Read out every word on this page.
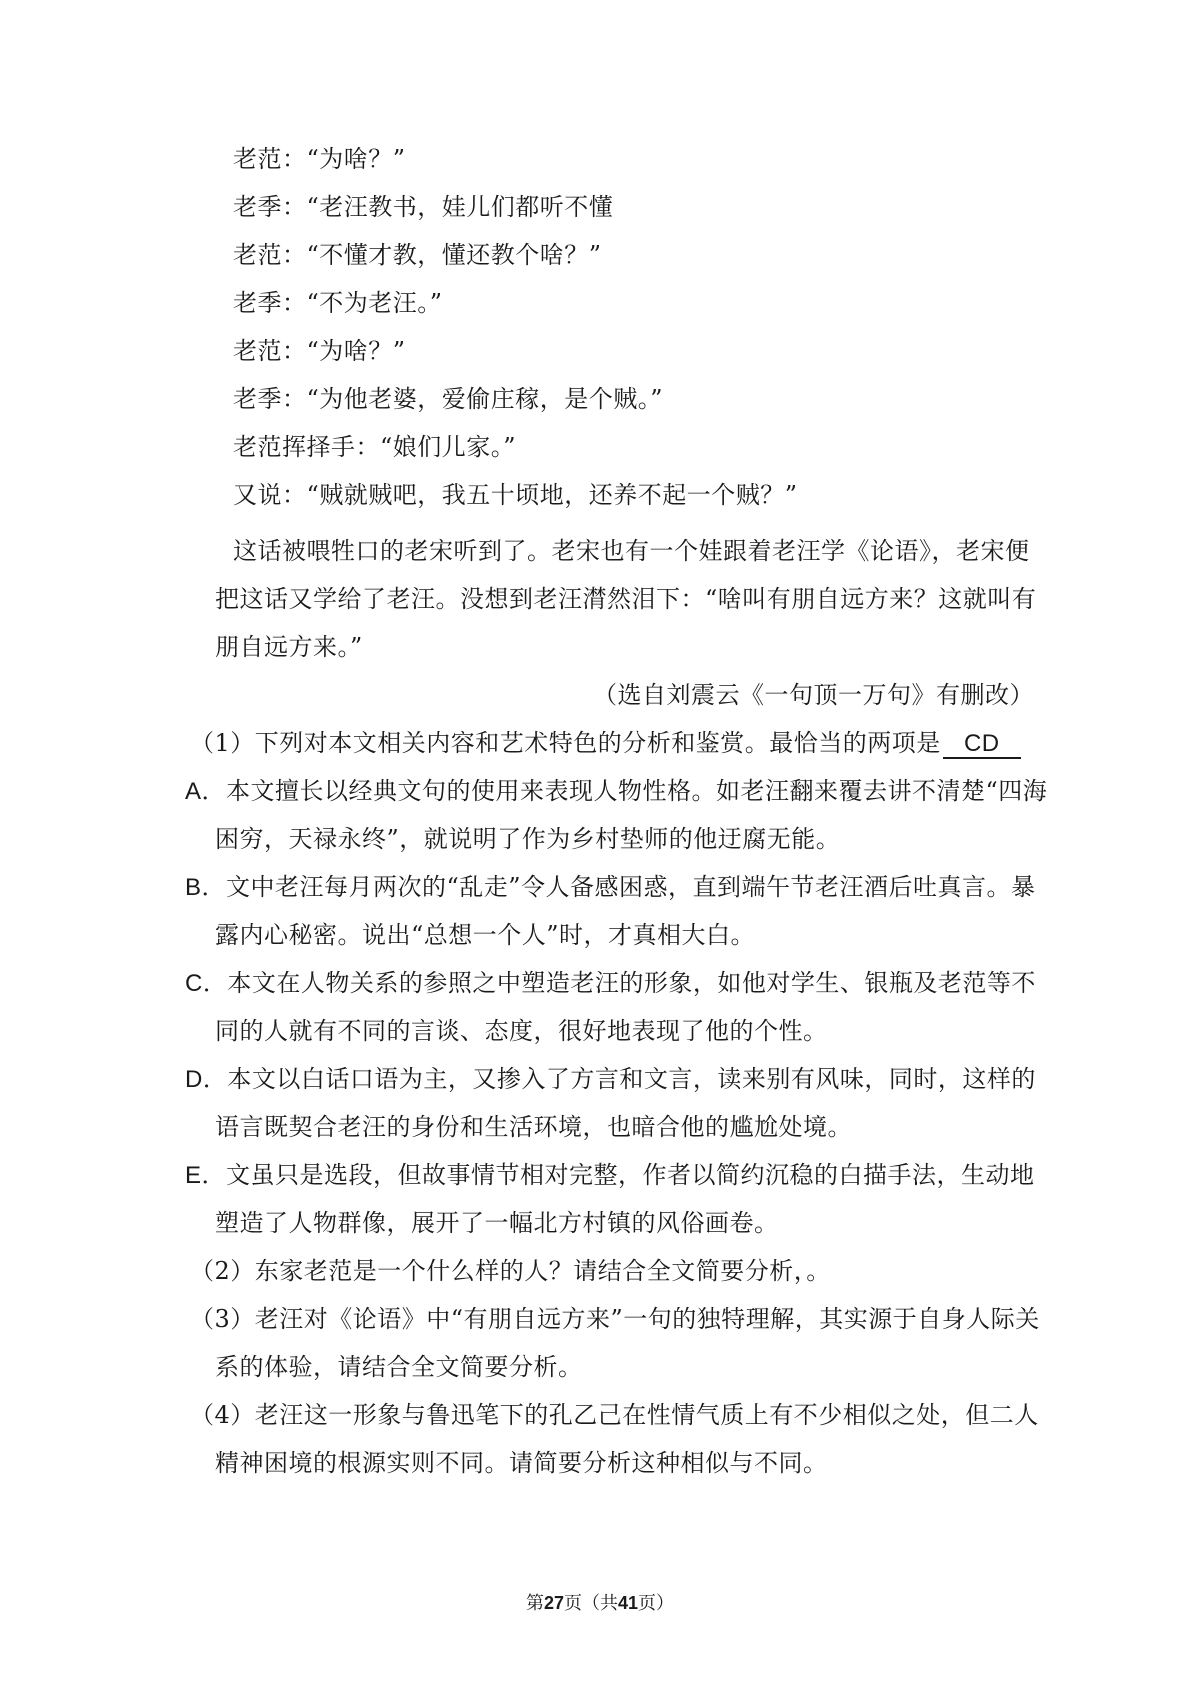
老范：“为啥？”
老季：“老汪教书，娃儿们都听不懂
老范：“不懂才教，懂还教个啥？”
老季：“不为老汪。”
老范：“为啥？”
老季：“为他老婆，爱偷庄稼，是个贼。”
老范挥择手：“娘们儿家。”
又说：“贼就贼吧，我五十顷地，还养不起一个贼？”
这话被喂牲口的老宋听到了。老宋也有一个娃跟着老汪学《论语》，老宋便
把这话又学给了老汪。没想到老汪潸然泪下：“啥叫有朋自远方来？这就叫有
朋自远方来。”
（选自刘震云《一句顶一万句》有删改）
（1）下列对本文相关内容和艺术特色的分析和鉴赏。最恰当的两项是 CD
A．本文擅长以经典文句的使用来表现人物性格。如老汪翻来覆去讲不清楚“四海
困穷，天禄永终”，就说明了作为乡村垫师的他迂腐无能。
B．文中老汪每月两次的“乱走”令人备感困惑，直到端午节老汪酒后吐真言。暴
露内心秘密。说出“总想一个人”时，才真相大白。
C．本文在人物关系的参照之中塑造老汪的形象，如他对学生、银瓶及老范等不
同的人就有不同的言谈、态度，很好地表现了他的个性。
D．本文以白话口语为主，又掺入了方言和文言，读来别有风味，同时，这样的
语言既契合老汪的身份和生活环境，也暗合他的尴尬处境。
E．文虽只是选段，但故事情节相对完整，作者以简约沉稳的白描手法，生动地
塑造了人物群像，展开了一幅北方村镇的风俗画卷。
（2）东家老范是一个什么样的人？请结合全文简要分析，。
（3）老汪对《论语》中“有朋自远方来”一句的独特理解，其实源于自身人际关
系的体验，请结合全文简要分析。
（4）老汪这一形象与鲁迅笔下的孔乙己在性情气质上有不少相似之处，但二人
精神困境的根源实则不同。请简要分析这种相似与不同。
第27页（共41页）
